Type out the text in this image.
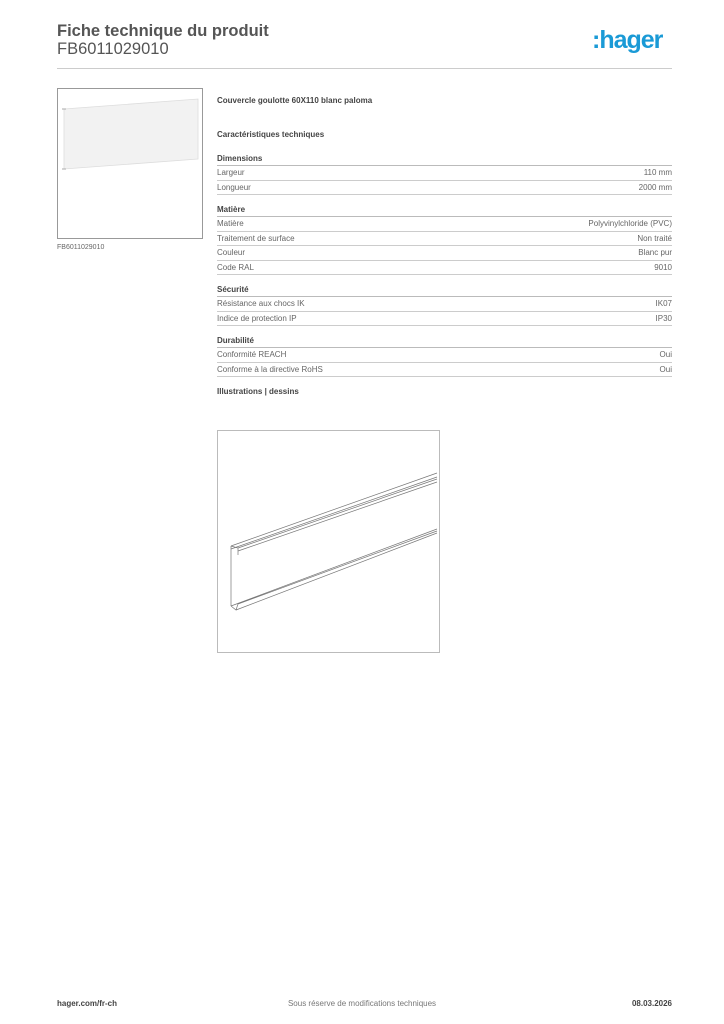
Fiche technique du produit
FB6011029010	:hager
FB6011029010
Couvercle goulotte 60X110 blanc paloma
Caractéristiques techniques
Dimensions
Largeur	110 mm
Longueur	2000 mm
Matière
Matière	Polyvinylchloride (PVC)
Traitement de surface	Non traité
Couleur	Blanc pur
Code RAL	9010
Sécurité
Résistance aux chocs IK	IK07
Indice de protection IP	IP30
Durabilité
Conformité REACH	Oui
Conforme à la directive RoHS	Oui
Illustrations | dessins
hager.com/fr-ch	Sous réserve de modifications techniques	08.03.2026
